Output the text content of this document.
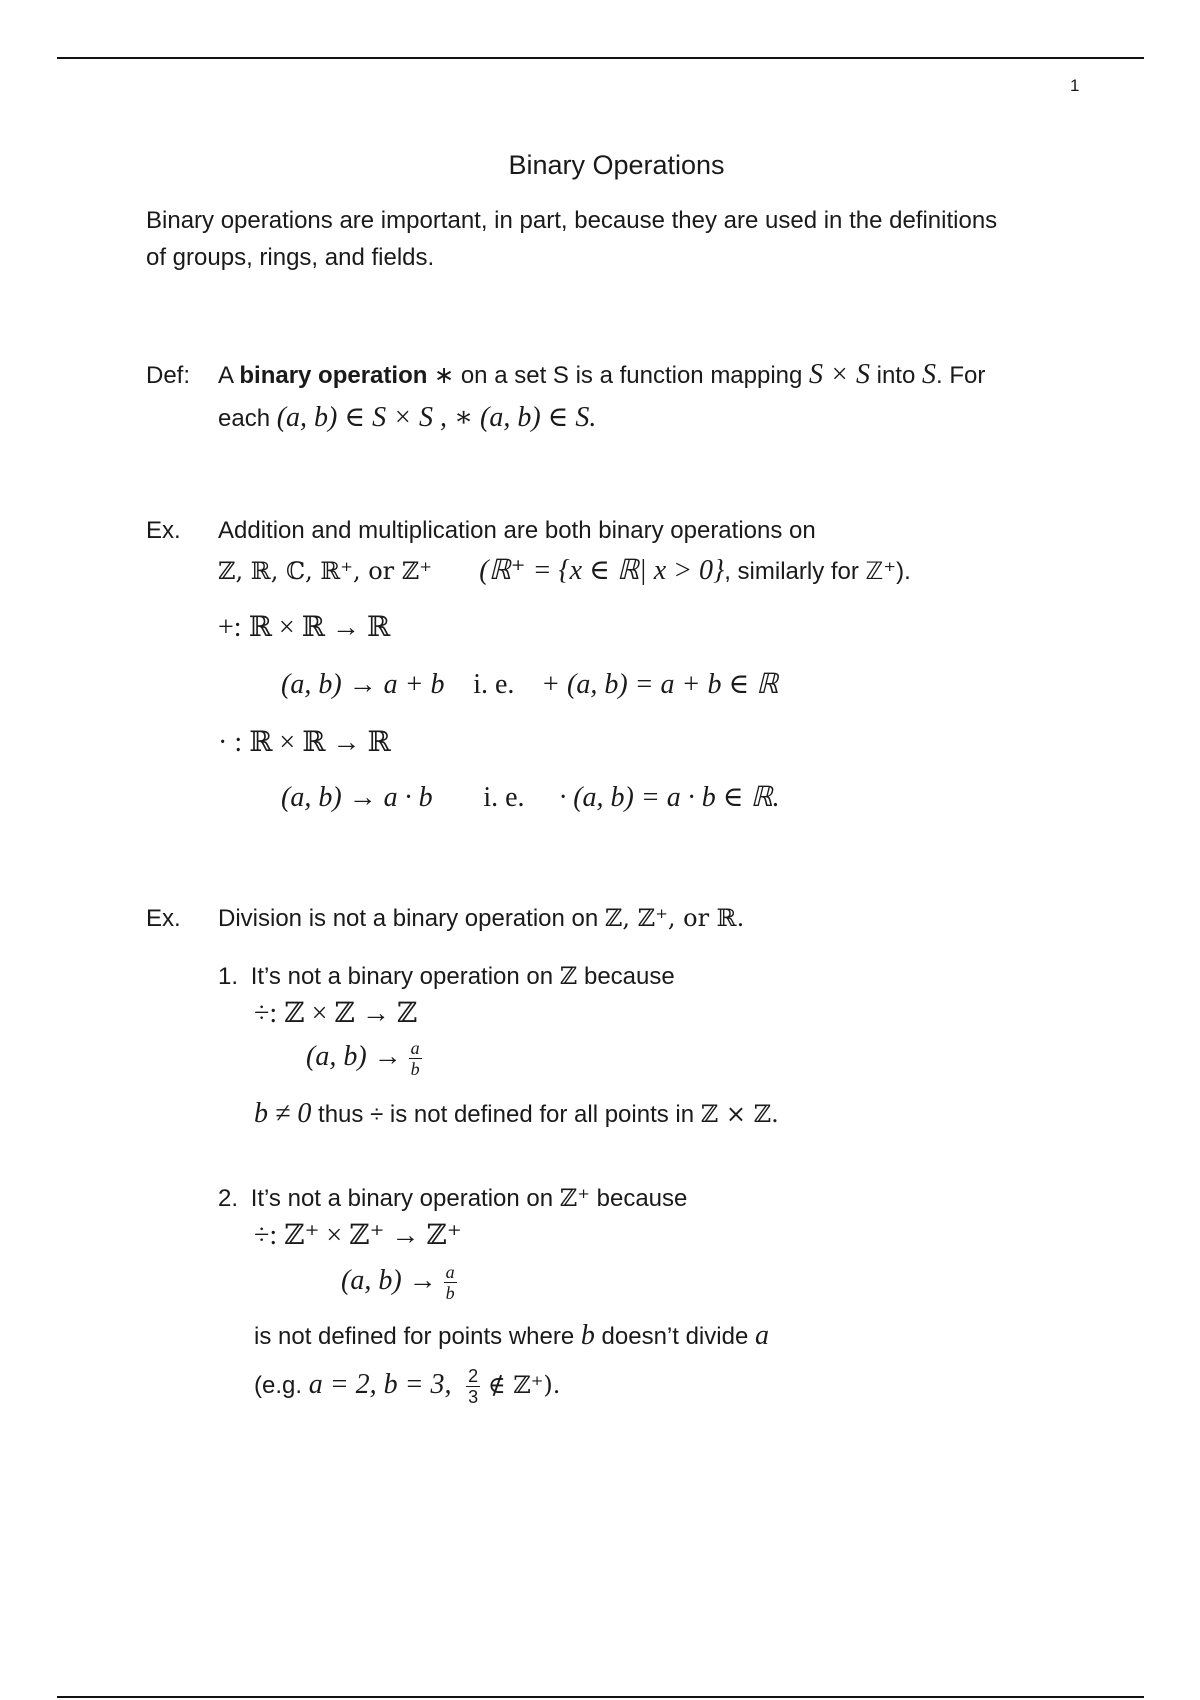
1
Binary Operations
Binary operations are important, in part, because they are used in the definitions
of groups, rings, and fields.
Def: A binary operation ∗ on a set S is a function mapping S × S into S. For
each (a, b) ∈ S × S , ∗ (a, b) ∈ S.
Ex. Addition and multiplication are both binary operations on
ℤ, ℝ, ℂ, ℝ⁺, or ℤ⁺ (ℝ⁺ = {x ∈ ℝ| x > 0}, similarly for ℤ⁺).
+: ℝ × ℝ → ℝ
(a, b) → a + b i. e. + (a, b) = a + b ∈ ℝ
· : ℝ × ℝ → ℝ
(a, b) → a · b i. e. · (a, b) = a · b ∈ ℝ.
Ex. Division is not a binary operation on ℤ, ℤ⁺, or ℝ.
1. It’s not a binary operation on ℤ because
÷: ℤ × ℤ → ℤ
(a, $b) \to \frac{a}{b}$
b ≠ 0 thus ÷ is not defined for all points in ℤ × ℤ.
2. It’s not a binary operation on ℤ⁺ because
÷: ℤ⁺ × ℤ⁺ → ℤ⁺
(a, $b) \to \frac{a}{b}$
is not defined for points where b doesn’t divide a
(e.g. a = 2, b = 3, $\frac{2}{3}$ ∉ ℤ⁺).
